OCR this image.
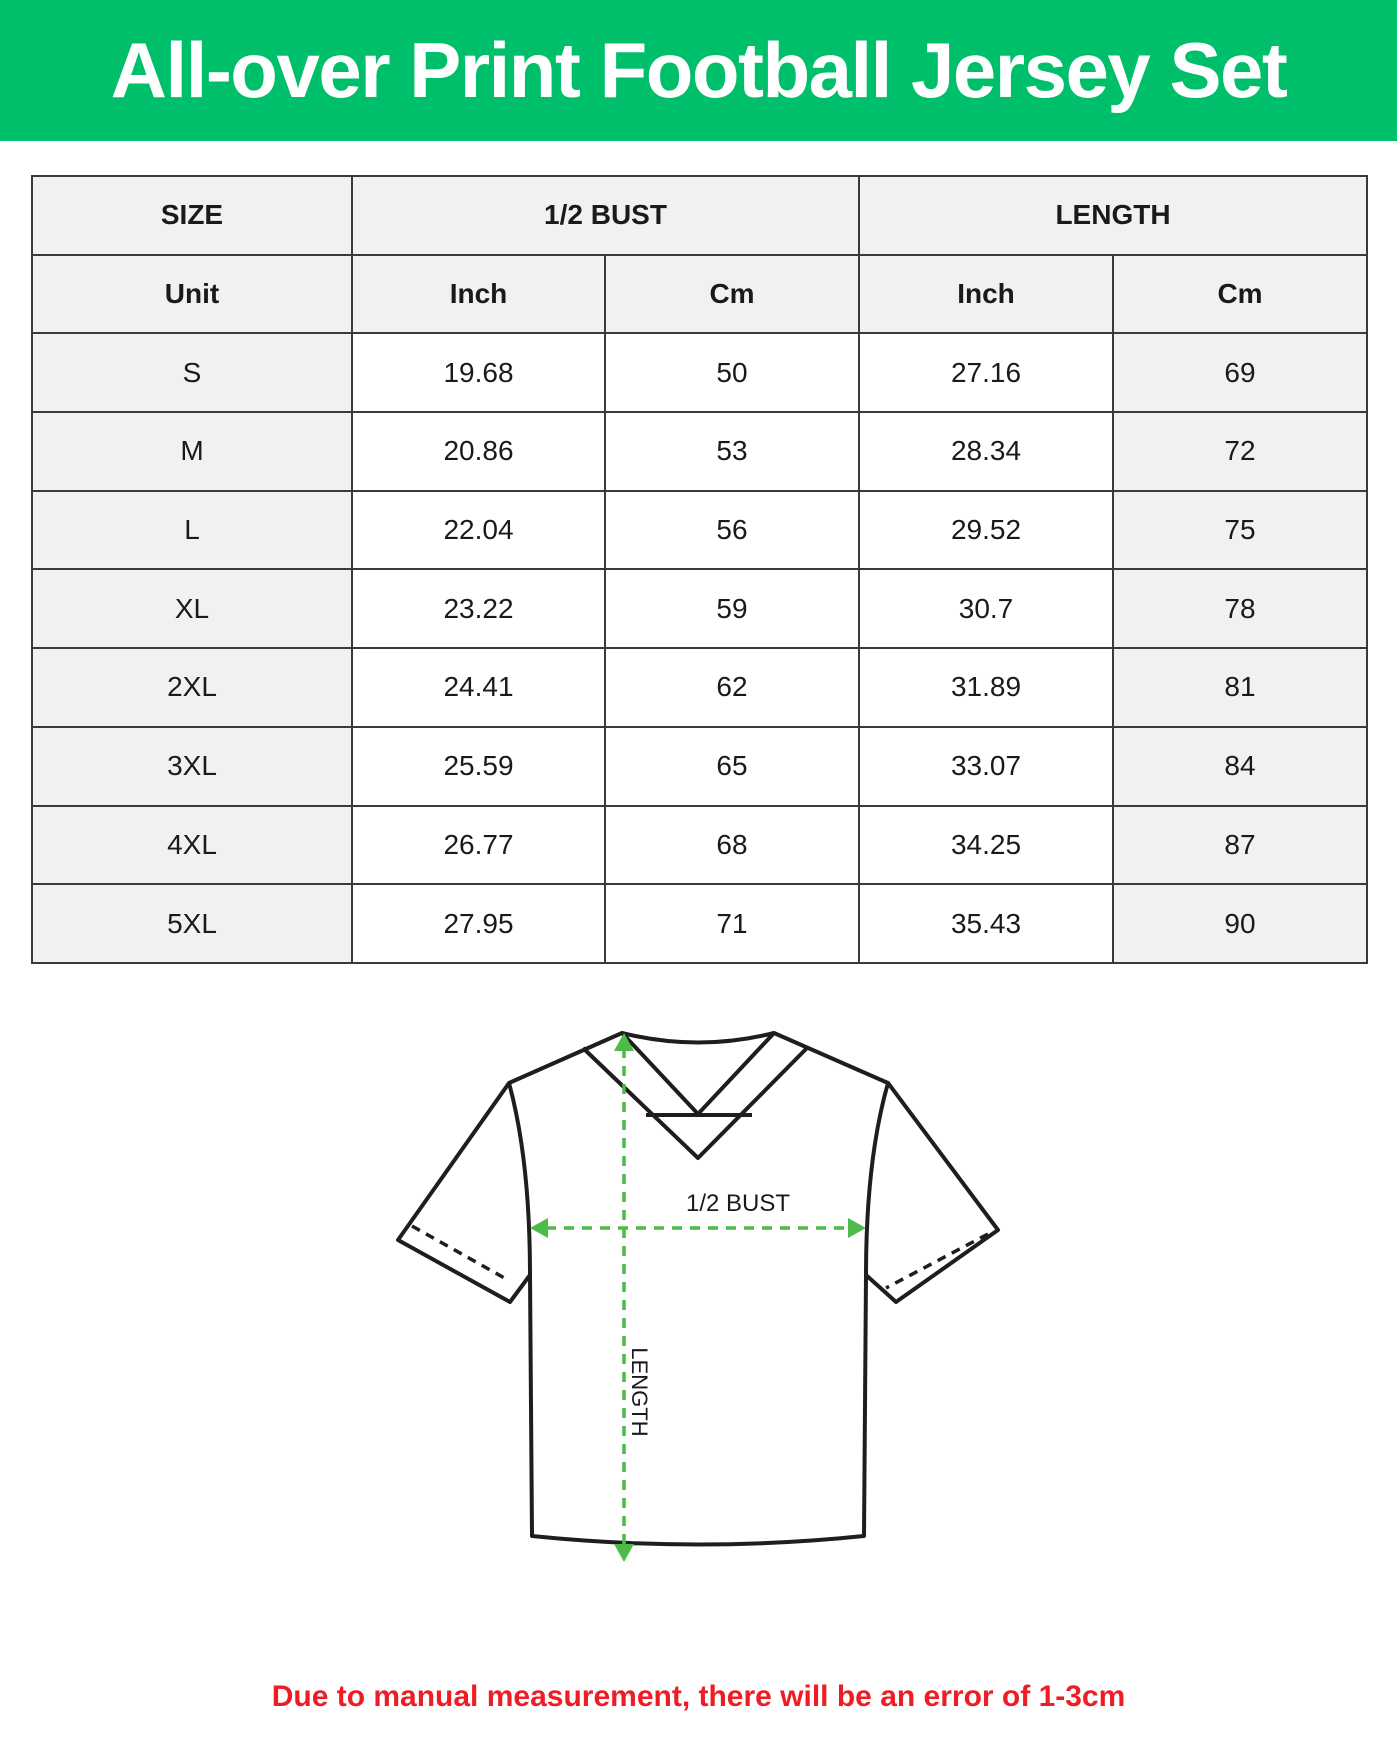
All-over Print Football Jersey Set
SIZE	1/2 BUST		LENGTH	
Unit	Inch	Cm	Inch	Cm
S	19.68	50	27.16	69
M	20.86	53	28.34	72
L	22.04	56	29.52	75
XL	23.22	59	30.7	78
2XL	24.41	62	31.89	81
3XL	25.59	65	33.07	84
4XL	26.77	68	34.25	87
5XL	27.95	71	35.43	90
1/2 BUST
LENGTH
Due to manual measurement, there will be an error of 1-3cm
